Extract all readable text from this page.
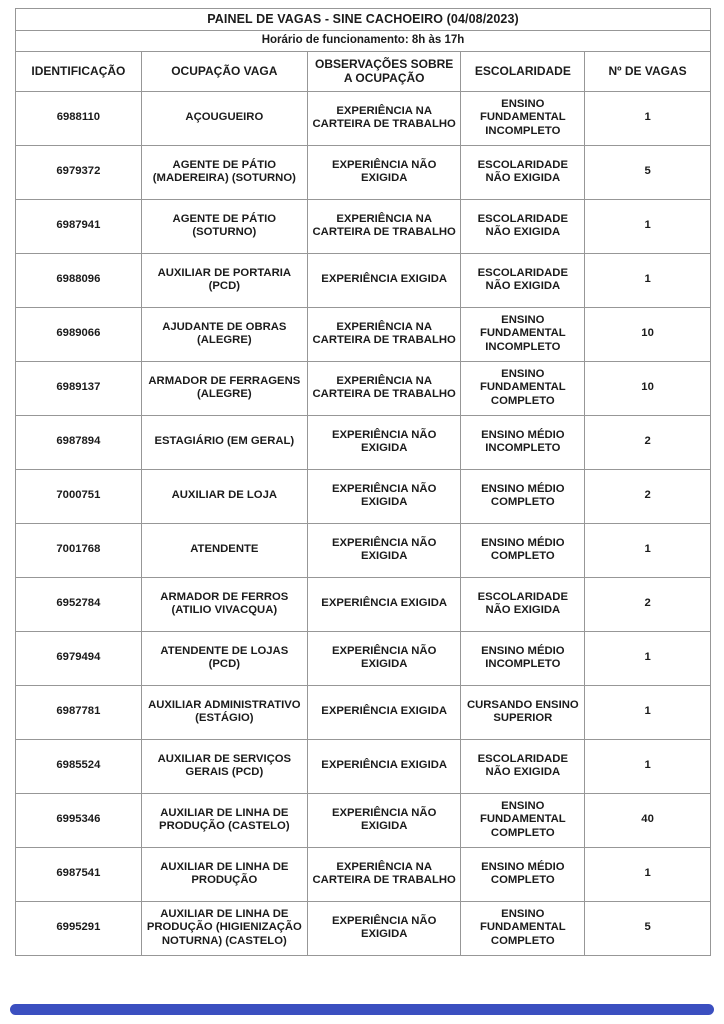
PAINEL DE VAGAS - SINE CACHOEIRO (04/08/2023)				
Horário de funcionamento: 8h às 17h				
IDENTIFICAÇÃO	OCUPAÇÃO VAGA	OBSERVAÇÕES SOBRE A OCUPAÇÃO	ESCOLARIDADE	Nº DE VAGAS
6988110	AÇOUGUEIRO	EXPERIÊNCIA NA CARTEIRA DE TRABALHO	ENSINO FUNDAMENTAL INCOMPLETO	1
6979372	AGENTE DE PÁTIO (MADEREIRA) (SOTURNO)	EXPERIÊNCIA NÃO EXIGIDA	ESCOLARIDADE NÃO EXIGIDA	5
6987941	AGENTE DE PÁTIO (SOTURNO)	EXPERIÊNCIA NA CARTEIRA DE TRABALHO	ESCOLARIDADE NÃO EXIGIDA	1
6988096	AUXILIAR DE PORTARIA (PCD)	EXPERIÊNCIA EXIGIDA	ESCOLARIDADE NÃO EXIGIDA	1
6989066	AJUDANTE DE OBRAS (ALEGRE)	EXPERIÊNCIA NA CARTEIRA DE TRABALHO	ENSINO FUNDAMENTAL INCOMPLETO	10
6989137	ARMADOR DE FERRAGENS (ALEGRE)	EXPERIÊNCIA NA CARTEIRA DE TRABALHO	ENSINO FUNDAMENTAL COMPLETO	10
6987894	ESTAGIÁRIO (EM GERAL)	EXPERIÊNCIA NÃO EXIGIDA	ENSINO MÉDIO INCOMPLETO	2
7000751	AUXILIAR DE LOJA	EXPERIÊNCIA NÃO EXIGIDA	ENSINO MÉDIO COMPLETO	2
7001768	ATENDENTE	EXPERIÊNCIA NÃO EXIGIDA	ENSINO MÉDIO COMPLETO	1
6952784	ARMADOR DE FERROS (ATILIO VIVACQUA)	EXPERIÊNCIA EXIGIDA	ESCOLARIDADE NÃO EXIGIDA	2
6979494	ATENDENTE DE LOJAS (PCD)	EXPERIÊNCIA NÃO EXIGIDA	ENSINO MÉDIO INCOMPLETO	1
6987781	AUXILIAR ADMINISTRATIVO (ESTÁGIO)	EXPERIÊNCIA EXIGIDA	CURSANDO ENSINO SUPERIOR	1
6985524	AUXILIAR DE SERVIÇOS GERAIS (PCD)	EXPERIÊNCIA EXIGIDA	ESCOLARIDADE NÃO EXIGIDA	1
6995346	AUXILIAR DE LINHA DE PRODUÇÃO (CASTELO)	EXPERIÊNCIA NÃO EXIGIDA	ENSINO FUNDAMENTAL COMPLETO	40
6987541	AUXILIAR DE LINHA DE PRODUÇÃO	EXPERIÊNCIA NA CARTEIRA DE TRABALHO	ENSINO MÉDIO COMPLETO	1
6995291	AUXILIAR DE LINHA DE PRODUÇÃO (HIGIENIZAÇÃO NOTURNA) (CASTELO)	EXPERIÊNCIA NÃO EXIGIDA	ENSINO FUNDAMENTAL COMPLETO	5
